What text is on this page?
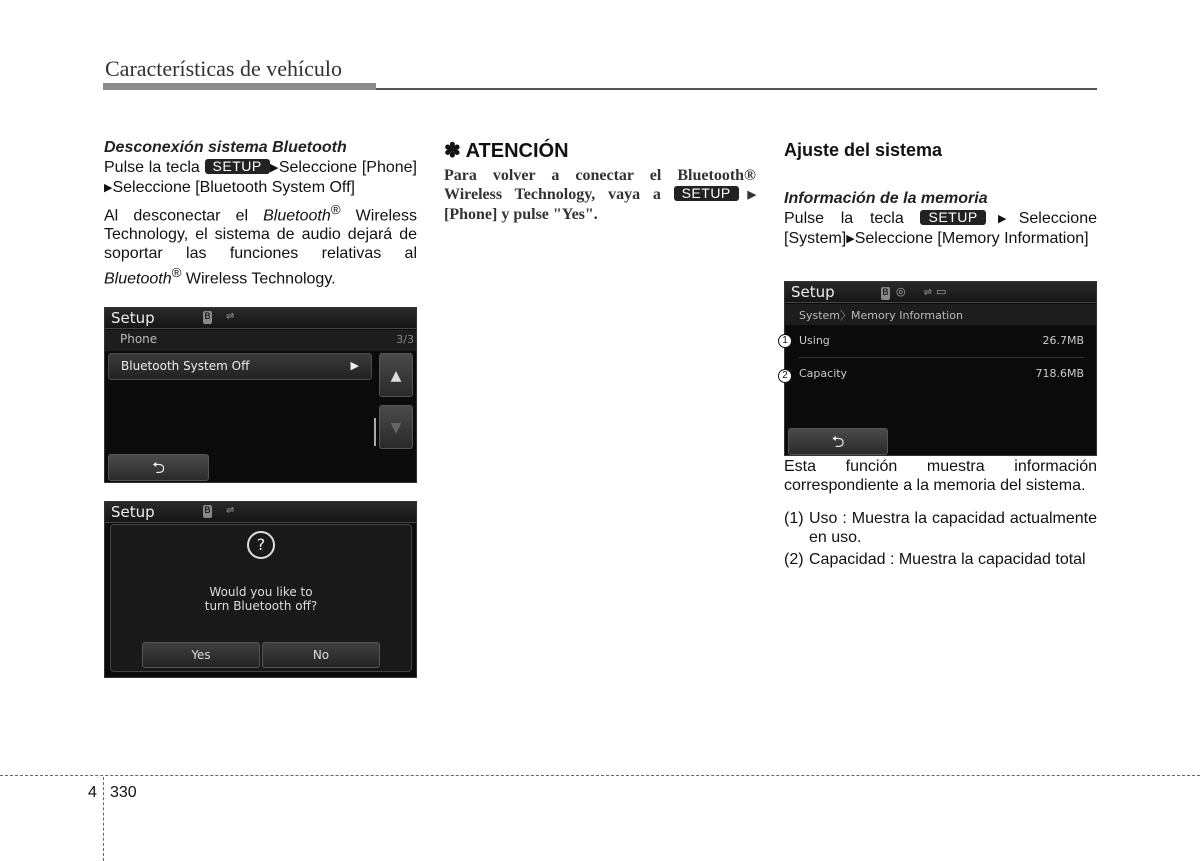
Características de vehículo
Desconexión sistema Bluetooth

Pulse la tecla SETUP ▶Seleccione [Phone] ▶Seleccione [Bluetooth System Off]

Al desconectar el Bluetooth® Wireless Technology, el sistema de audio dejará de soportar las funciones relativas al Bluetooth® Wireless Technology.

Setup	B ⇌
Phone	3/3
Bluetooth System Off	▶
▲
▼
⮌
Setup	B ⇌
?
Would you like to
turn Bluetooth off?
Yes	No
✽ ATENCIÓN

Para volver a conectar el Bluetooth® Wireless Technology, vaya a SETUP ▶ [Phone] y pulse "Yes".

Ajuste del sistema
Información de la memoria

Pulse la tecla SETUP ▶Seleccione [System]▶Seleccione [Memory Information]

Esta función muestra información correspondiente a la memoria del sistema.

(1) Uso : Muestra la capacidad actualmente en uso.
(2) Capacidad : Muestra la capacidad total
Setup	B ◎ ⇌ ▭
System〉Memory Information
Using	26.7MB
Capacity	718.6MB
⮌
1
2
4 330
